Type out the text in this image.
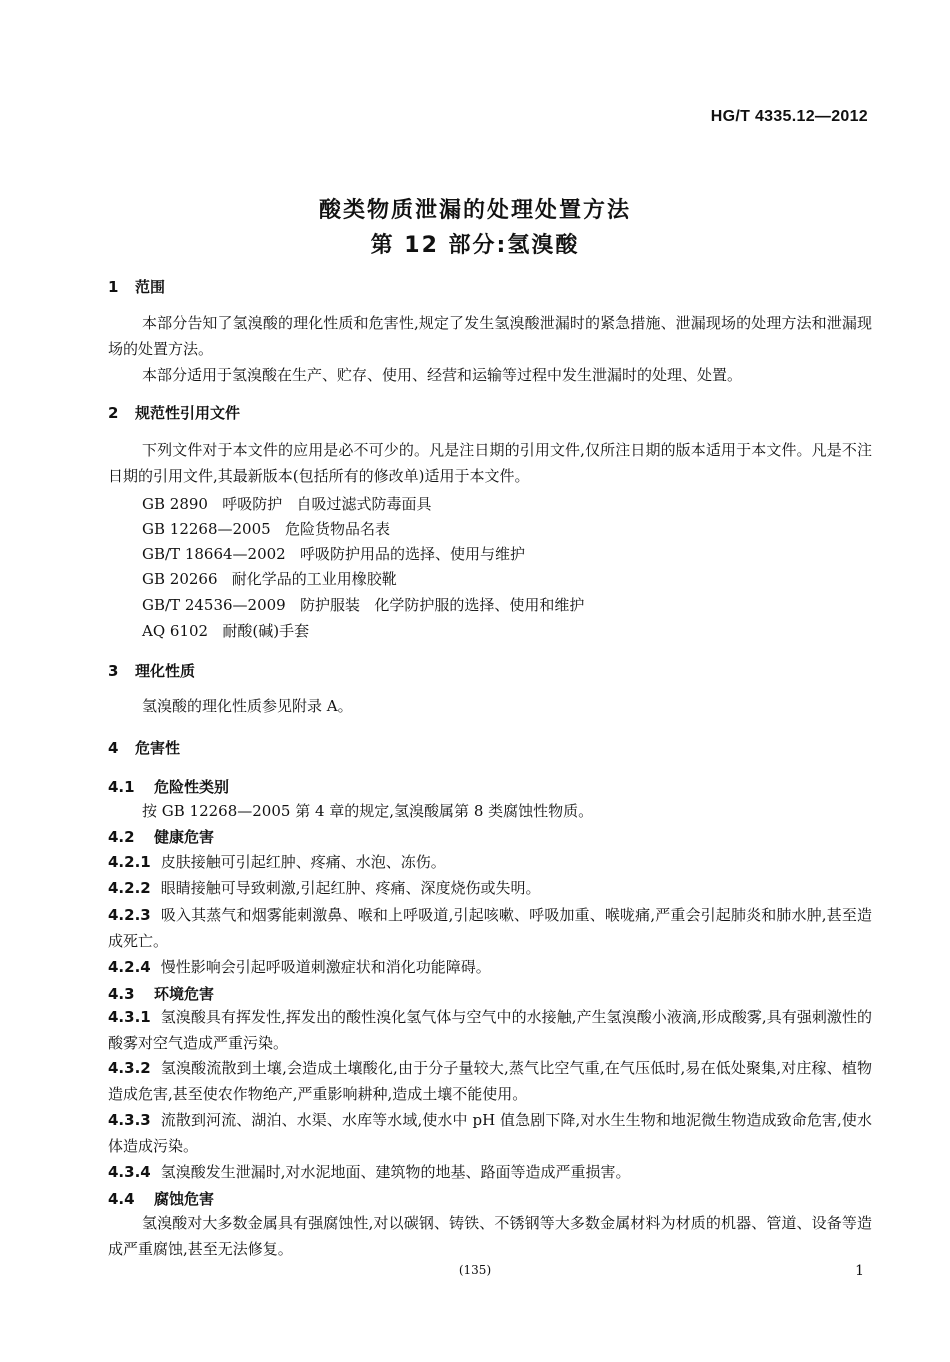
HG/T 4335.12—2012
酸类物质泄漏的处理处置方法
第 12 部分:氢溴酸
1 范围
本部分告知了氢溴酸的理化性质和危害性,规定了发生氢溴酸泄漏时的紧急措施、泄漏现场的处理方法和泄漏现场的处置方法。
本部分适用于氢溴酸在生产、贮存、使用、经营和运输等过程中发生泄漏时的处理、处置。
2 规范性引用文件
下列文件对于本文件的应用是必不可少的。凡是注日期的引用文件,仅所注日期的版本适用于本文件。凡是不注日期的引用文件,其最新版本(包括所有的修改单)适用于本文件。
GB 2890   呼吸防护   自吸过滤式防毒面具
GB 12268—2005   危险货物品名表
GB/T 18664—2002   呼吸防护用品的选择、使用与维护
GB 20266   耐化学品的工业用橡胶靴
GB/T 24536—2009   防护服装   化学防护服的选择、使用和维护
AQ 6102   耐酸(碱)手套
3 理化性质
氢溴酸的理化性质参见附录 A。
4 危害性
4.1 危险性类别
按 GB 12268—2005 第 4 章的规定,氢溴酸属第 8 类腐蚀性物质。
4.2 健康危害
4.2.1 皮肤接触可引起红肿、疼痛、水泡、冻伤。
4.2.2 眼睛接触可导致刺激,引起红肿、疼痛、深度烧伤或失明。
4.2.3 吸入其蒸气和烟雾能刺激鼻、喉和上呼吸道,引起咳嗽、呼吸加重、喉咙痛,严重会引起肺炎和肺水肿,甚至造成死亡。
4.2.4 慢性影响会引起呼吸道刺激症状和消化功能障碍。
4.3 环境危害
4.3.1 氢溴酸具有挥发性,挥发出的酸性溴化氢气体与空气中的水接触,产生氢溴酸小液滴,形成酸雾,具有强刺激性的酸雾对空气造成严重污染。
4.3.2 氢溴酸流散到土壤,会造成土壤酸化,由于分子量较大,蒸气比空气重,在气压低时,易在低处聚集,对庄稼、植物造成危害,甚至使农作物绝产,严重影响耕种,造成土壤不能使用。
4.3.3 流散到河流、湖泊、水渠、水库等水域,使水中 pH 值急剧下降,对水生生物和地泥微生物造成致命危害,使水体造成污染。
4.3.4 氢溴酸发生泄漏时,对水泥地面、建筑物的地基、路面等造成严重损害。
4.4 腐蚀危害
氢溴酸对大多数金属具有强腐蚀性,对以碳钢、铸铁、不锈钢等大多数金属材料为材质的机器、管道、设备等造成严重腐蚀,甚至无法修复。
(135)	1
